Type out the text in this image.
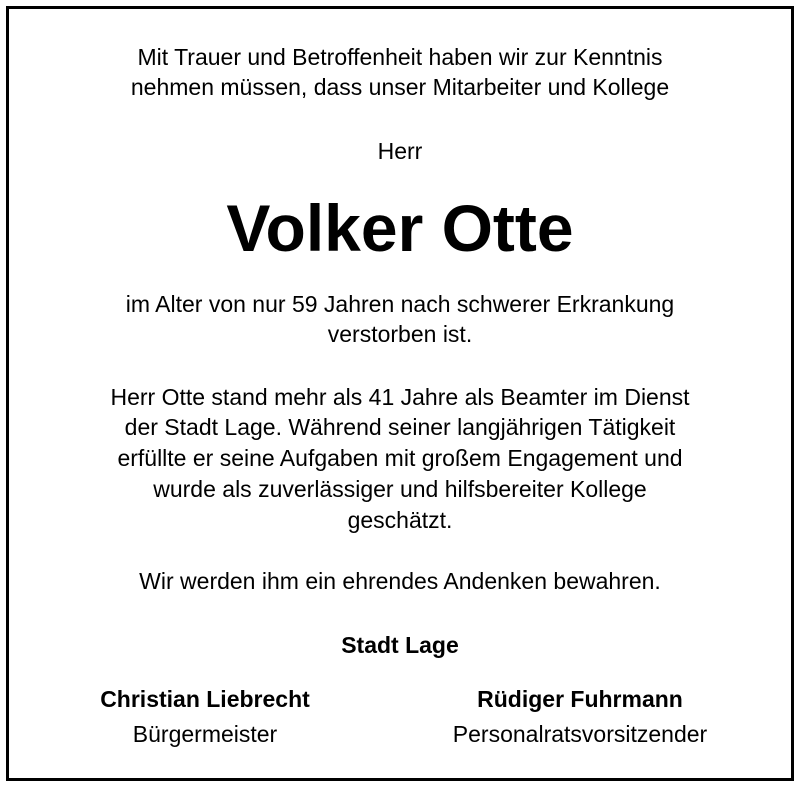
Mit Trauer und Betroffenheit haben wir zur Kenntnis
nehmen müssen, dass unser Mitarbeiter und Kollege
Herr
Volker Otte
im Alter von nur 59 Jahren nach schwerer Erkrankung
verstorben ist.
Herr Otte stand mehr als 41 Jahre als Beamter im Dienst
der Stadt Lage. Während seiner langjährigen Tätigkeit
erfüllte er seine Aufgaben mit großem Engagement und
wurde als zuverlässiger und hilfsbereiter Kollege
geschätzt.
Wir werden ihm ein ehrendes Andenken bewahren.
Stadt Lage
Christian Liebrecht
Bürgermeister
Rüdiger Fuhrmann
Personalratsvorsitzender
